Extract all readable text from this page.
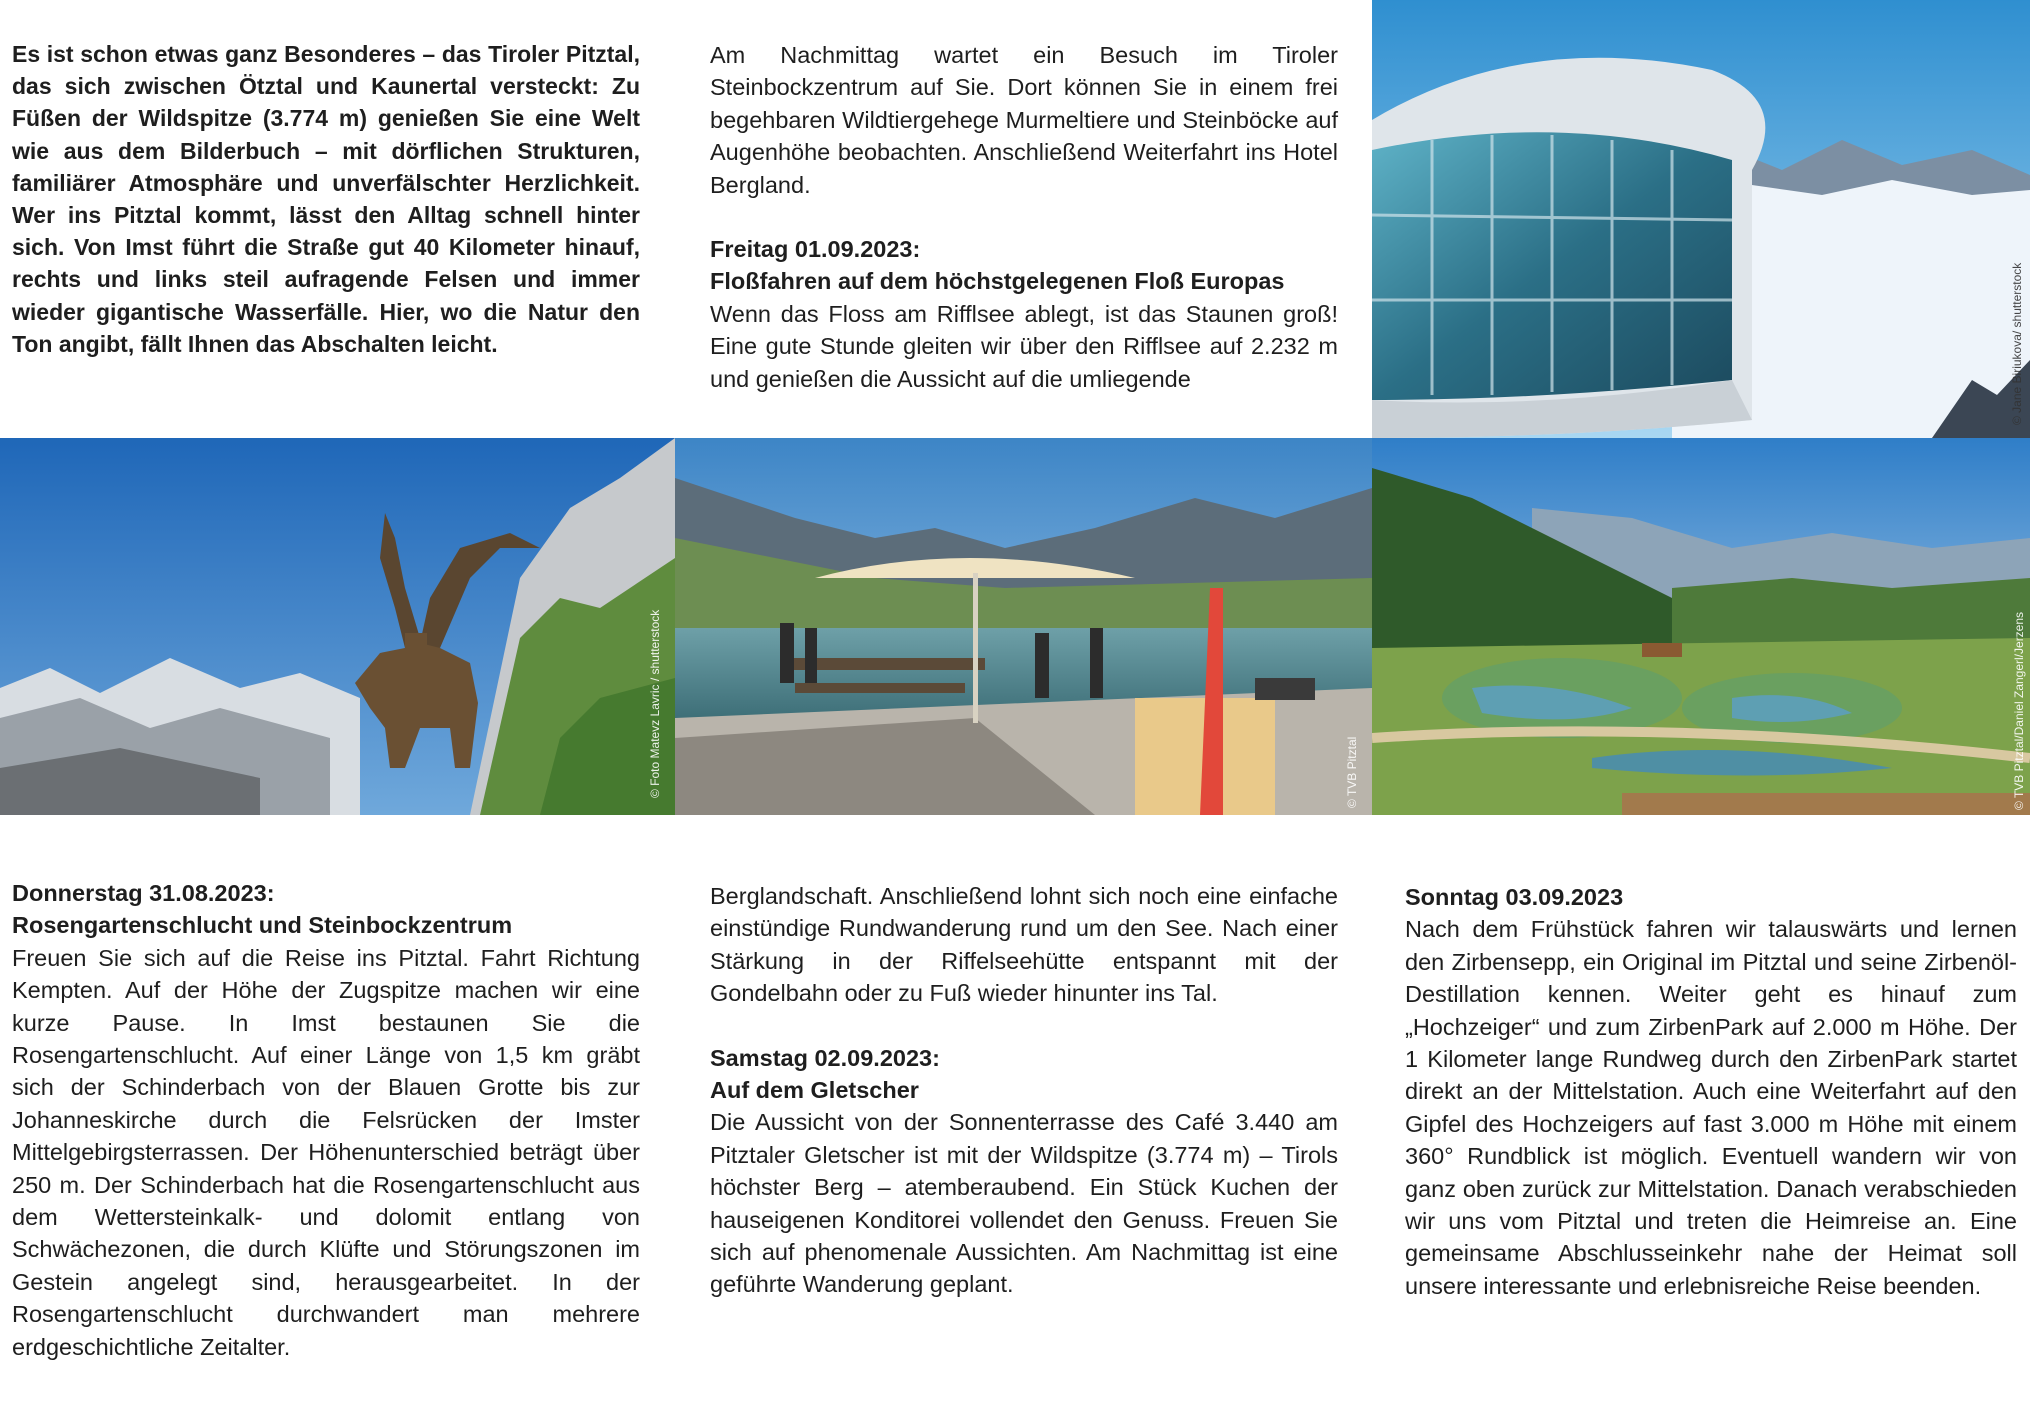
Es ist schon etwas ganz Besonderes – das Tiroler Pitztal, das sich zwischen Ötztal und Kaunertal versteckt: Zu Füßen der Wildspitze (3.774 m) genießen Sie eine Welt wie aus dem Bilderbuch – mit dörflichen Strukturen, familiärer Atmosphäre und unverfälschter Herzlichkeit. Wer ins Pitztal kommt, lässt den Alltag schnell hinter sich. Von Imst führt die Straße gut 40 Kilometer hinauf, rechts und links steil aufragende Felsen und immer wieder gigantische Wasserfälle. Hier, wo die Natur den Ton angibt, fällt Ihnen das Abschalten leicht.

Donnerstag 31.08.2023:

Rosengartenschlucht und Steinbockzentrum

Freuen Sie sich auf die Reise ins Pitztal. Fahrt Richtung Kempten. Auf der Höhe der Zugspitze machen wir eine kurze Pause. In Imst bestaunen Sie die Rosengartenschlucht. Auf einer Länge von 1,5 km gräbt sich der Schinderbach von der Blauen Grotte bis zur Johanneskirche durch die Felsrücken der Imster Mittelgebirgsterrassen. Der Höhenunterschied beträgt über 250 m. Der Schinderbach hat die Rosengartenschlucht aus dem Wettersteinkalk- und dolomit entlang von Schwächezonen, die durch Klüfte und Störungszonen im Gestein angelegt sind, herausgearbeitet. In der Rosengartenschlucht durchwandert man mehrere erdgeschichtliche Zeitalter.

Am Nachmittag wartet ein Besuch im Tiroler Steinbockzentrum auf Sie. Dort können Sie in einem frei begehbaren Wildtiergehege Murmeltiere und Steinböcke auf Augenhöhe beobachten. Anschließend Weiterfahrt ins Hotel Bergland.

Freitag 01.09.2023:

Floßfahren auf dem höchstgelegenen Floß Europas

Wenn das Floss am Rifflsee ablegt, ist das Staunen groß! Eine gute Stunde gleiten wir über den Rifflsee auf 2.232 m und genießen die Aussicht auf die umliegende

Berglandschaft. Anschließend lohnt sich noch eine einfache einstündige Rundwanderung rund um den See. Nach einer Stärkung in der Riffelseehütte entspannt mit der Gondelbahn oder zu Fuß wieder hinunter ins Tal.

Samstag 02.09.2023:

Auf dem Gletscher

Die Aussicht von der Sonnenterrasse des Café 3.440 am Pitztaler Gletscher ist mit der Wildspitze (3.774 m) – Tirols höchster Berg – atemberaubend. Ein Stück Kuchen der hauseigenen Konditorei vollendet den Genuss. Freuen Sie sich auf phenomenale Aussichten. Am Nachmittag ist eine geführte Wanderung geplant.

Sonntag 03.09.2023

Nach dem Frühstück fahren wir talauswärts und lernen den Zirbensepp, ein Original im Pitztal und seine Zirbenöl-Destillation kennen. Weiter geht es hinauf zum „Hochzeiger“ und zum ZirbenPark auf 2.000 m Höhe. Der 1 Kilometer lange Rundweg durch den ZirbenPark startet direkt an der Mittelstation. Auch eine Weiterfahrt auf den Gipfel des Hochzeigers auf fast 3.000 m Höhe mit einem 360° Rundblick ist möglich. Eventuell wandern wir von ganz oben zurück zur Mittelstation. Danach verabschieden wir uns vom Pitztal und treten die Heimreise an. Eine gemeinsame Abschlusseinkehr nahe der Heimat soll unsere interessante und erlebnisreiche Reise beenden.

© Jane Biriukova/ shutterstock
© Foto Matevz Lavric / shutterstock	© TVB Pitztal	© TVB Pitztal/Daniel Zangerl/Jerzens
